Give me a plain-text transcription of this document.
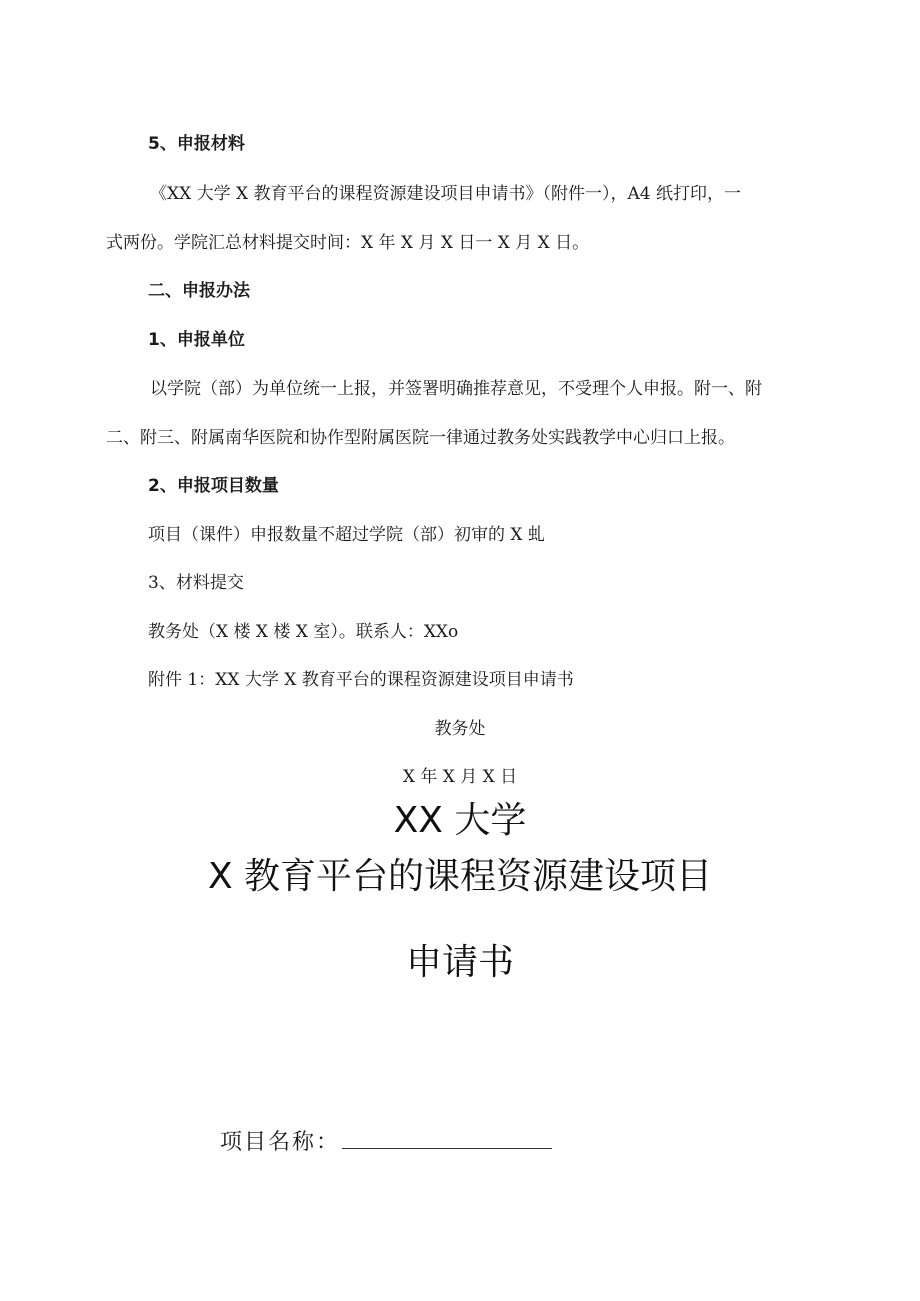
5、申报材料
《XX 大学 X 教育平台的课程资源建设项目申请书》（附件一），A4 纸打印，一
式两份。学院汇总材料提交时间：X 年 X 月 X 日一 X 月 X 日。
二、申报办法
1、申报单位
以学院（部）为单位统一上报，并签署明确推荐意见，不受理个人申报。附一、附
二、附三、附属南华医院和协作型附属医院一律通过教务处实践教学中心归口上报。
2、申报项目数量
项目（课件）申报数量不超过学院（部）初审的 X 虬
3、材料提交
教务处（X 楼 X 楼 X 室）。联系人：XXo
附件 1：XX 大学 X 教育平台的课程资源建设项目申请书
教务处
X 年 X 月 X 日
XX 大学
X 教育平台的课程资源建设项目
申请书
项目名称：
